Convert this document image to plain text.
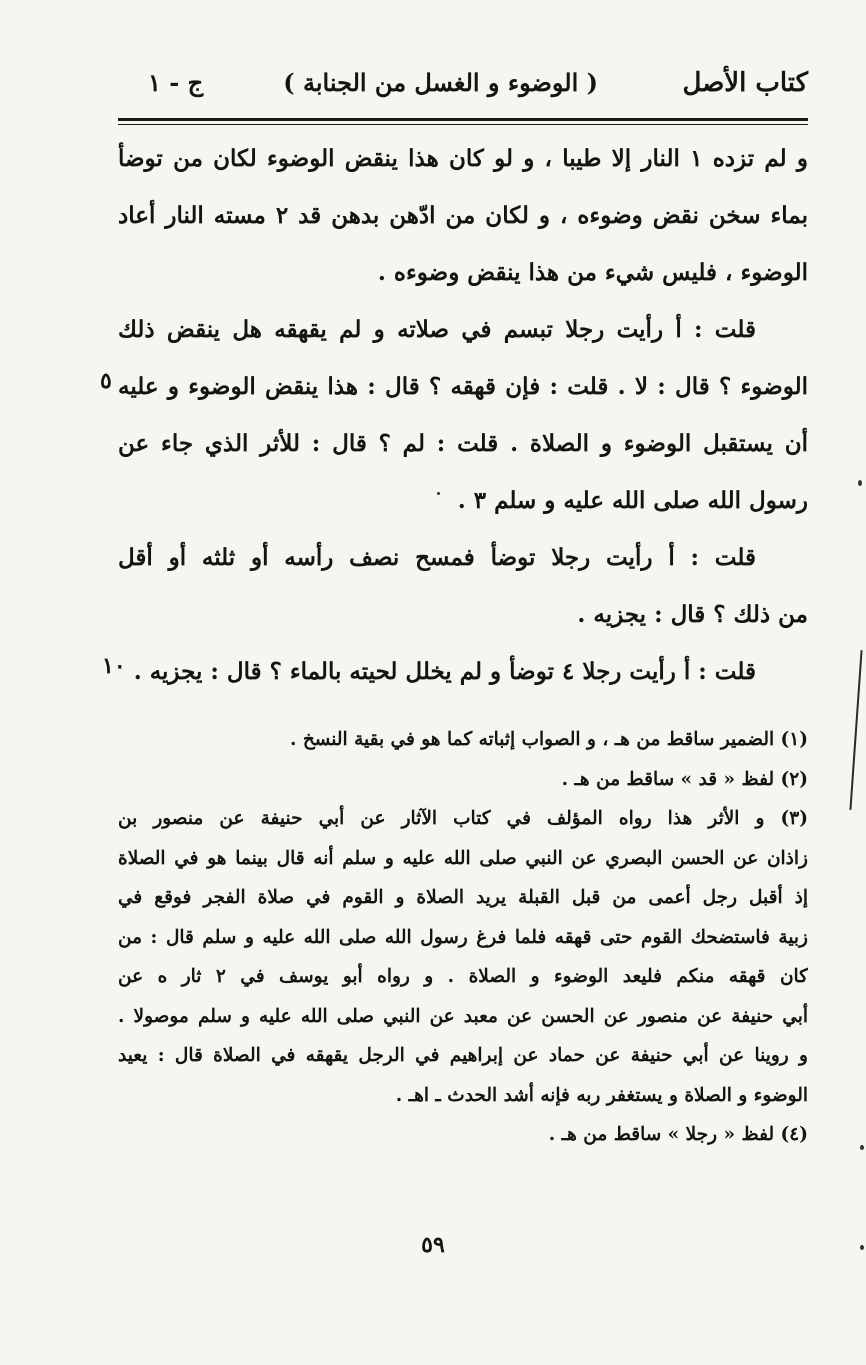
كتاب الأصل
( الوضوء و الغسل من الجنابة )
ج - ١
و لم تزده ١ النار إلا طيبا ، و لو كان هذا ينقض الوضوء لكان من توضأ
بماء سخن نقض وضوءه ، و لكان من ادّهن بدهن قد ٢ مسته النار أعاد
الوضوء ، فليس شيء من هذا ينقض وضوءه .
قلت : أ رأيت رجلا تبسم في صلاته و لم يقهقه هل ينقض ذلك
الوضوء ؟ قال : لا . قلت : فإن قهقه ؟ قال : هذا ينقض الوضوء و عليه
أن يستقبل الوضوء و الصلاة . قلت : لم ؟ قال : للأثر الذي جاء عن
رسول الله صلى الله عليه و سلم ٣ .
قلت : أ رأيت رجلا توضأ فمسح نصف رأسه أو ثلثه أو أقل
من ذلك ؟ قال : يجزيه .
قلت : أ رأيت رجلا ٤ توضأ و لم يخلل لحيته بالماء ؟ قال : يجزيه .
٥
١٠
(١) الضمير ساقط من هـ ، و الصواب إثباته كما هو في بقية النسخ .
(٢) لفظ « قد » ساقط من هـ .
(٣) و الأثر هذا رواه المؤلف في كتاب الآثار عن أبي حنيفة عن منصور بن
زاذان عن الحسن البصري عن النبي صلى الله عليه و سلم أنه قال بينما هو في الصلاة
إذ أقبل رجل أعمى من قبل القبلة يريد الصلاة و القوم في صلاة الفجر فوقع في
زبية فاستضحك القوم حتى قهقه فلما فرغ رسول الله صلى الله عليه و سلم قال : من
كان قهقه منكم فليعد الوضوء و الصلاة . و رواه أبو يوسف في ٢ ثار ه عن
أبي حنيفة عن منصور عن الحسن عن معبد عن النبي صلى الله عليه و سلم موصولا .
و روينا عن أبي حنيفة عن حماد عن إبراهيم في الرجل يقهقه في الصلاة قال : يعيد
الوضوء و الصلاة و يستغفر ربه فإنه أشد الحدث ـ اهـ .
(٤) لفظ « رجلا » ساقط من هـ .
٥٩
